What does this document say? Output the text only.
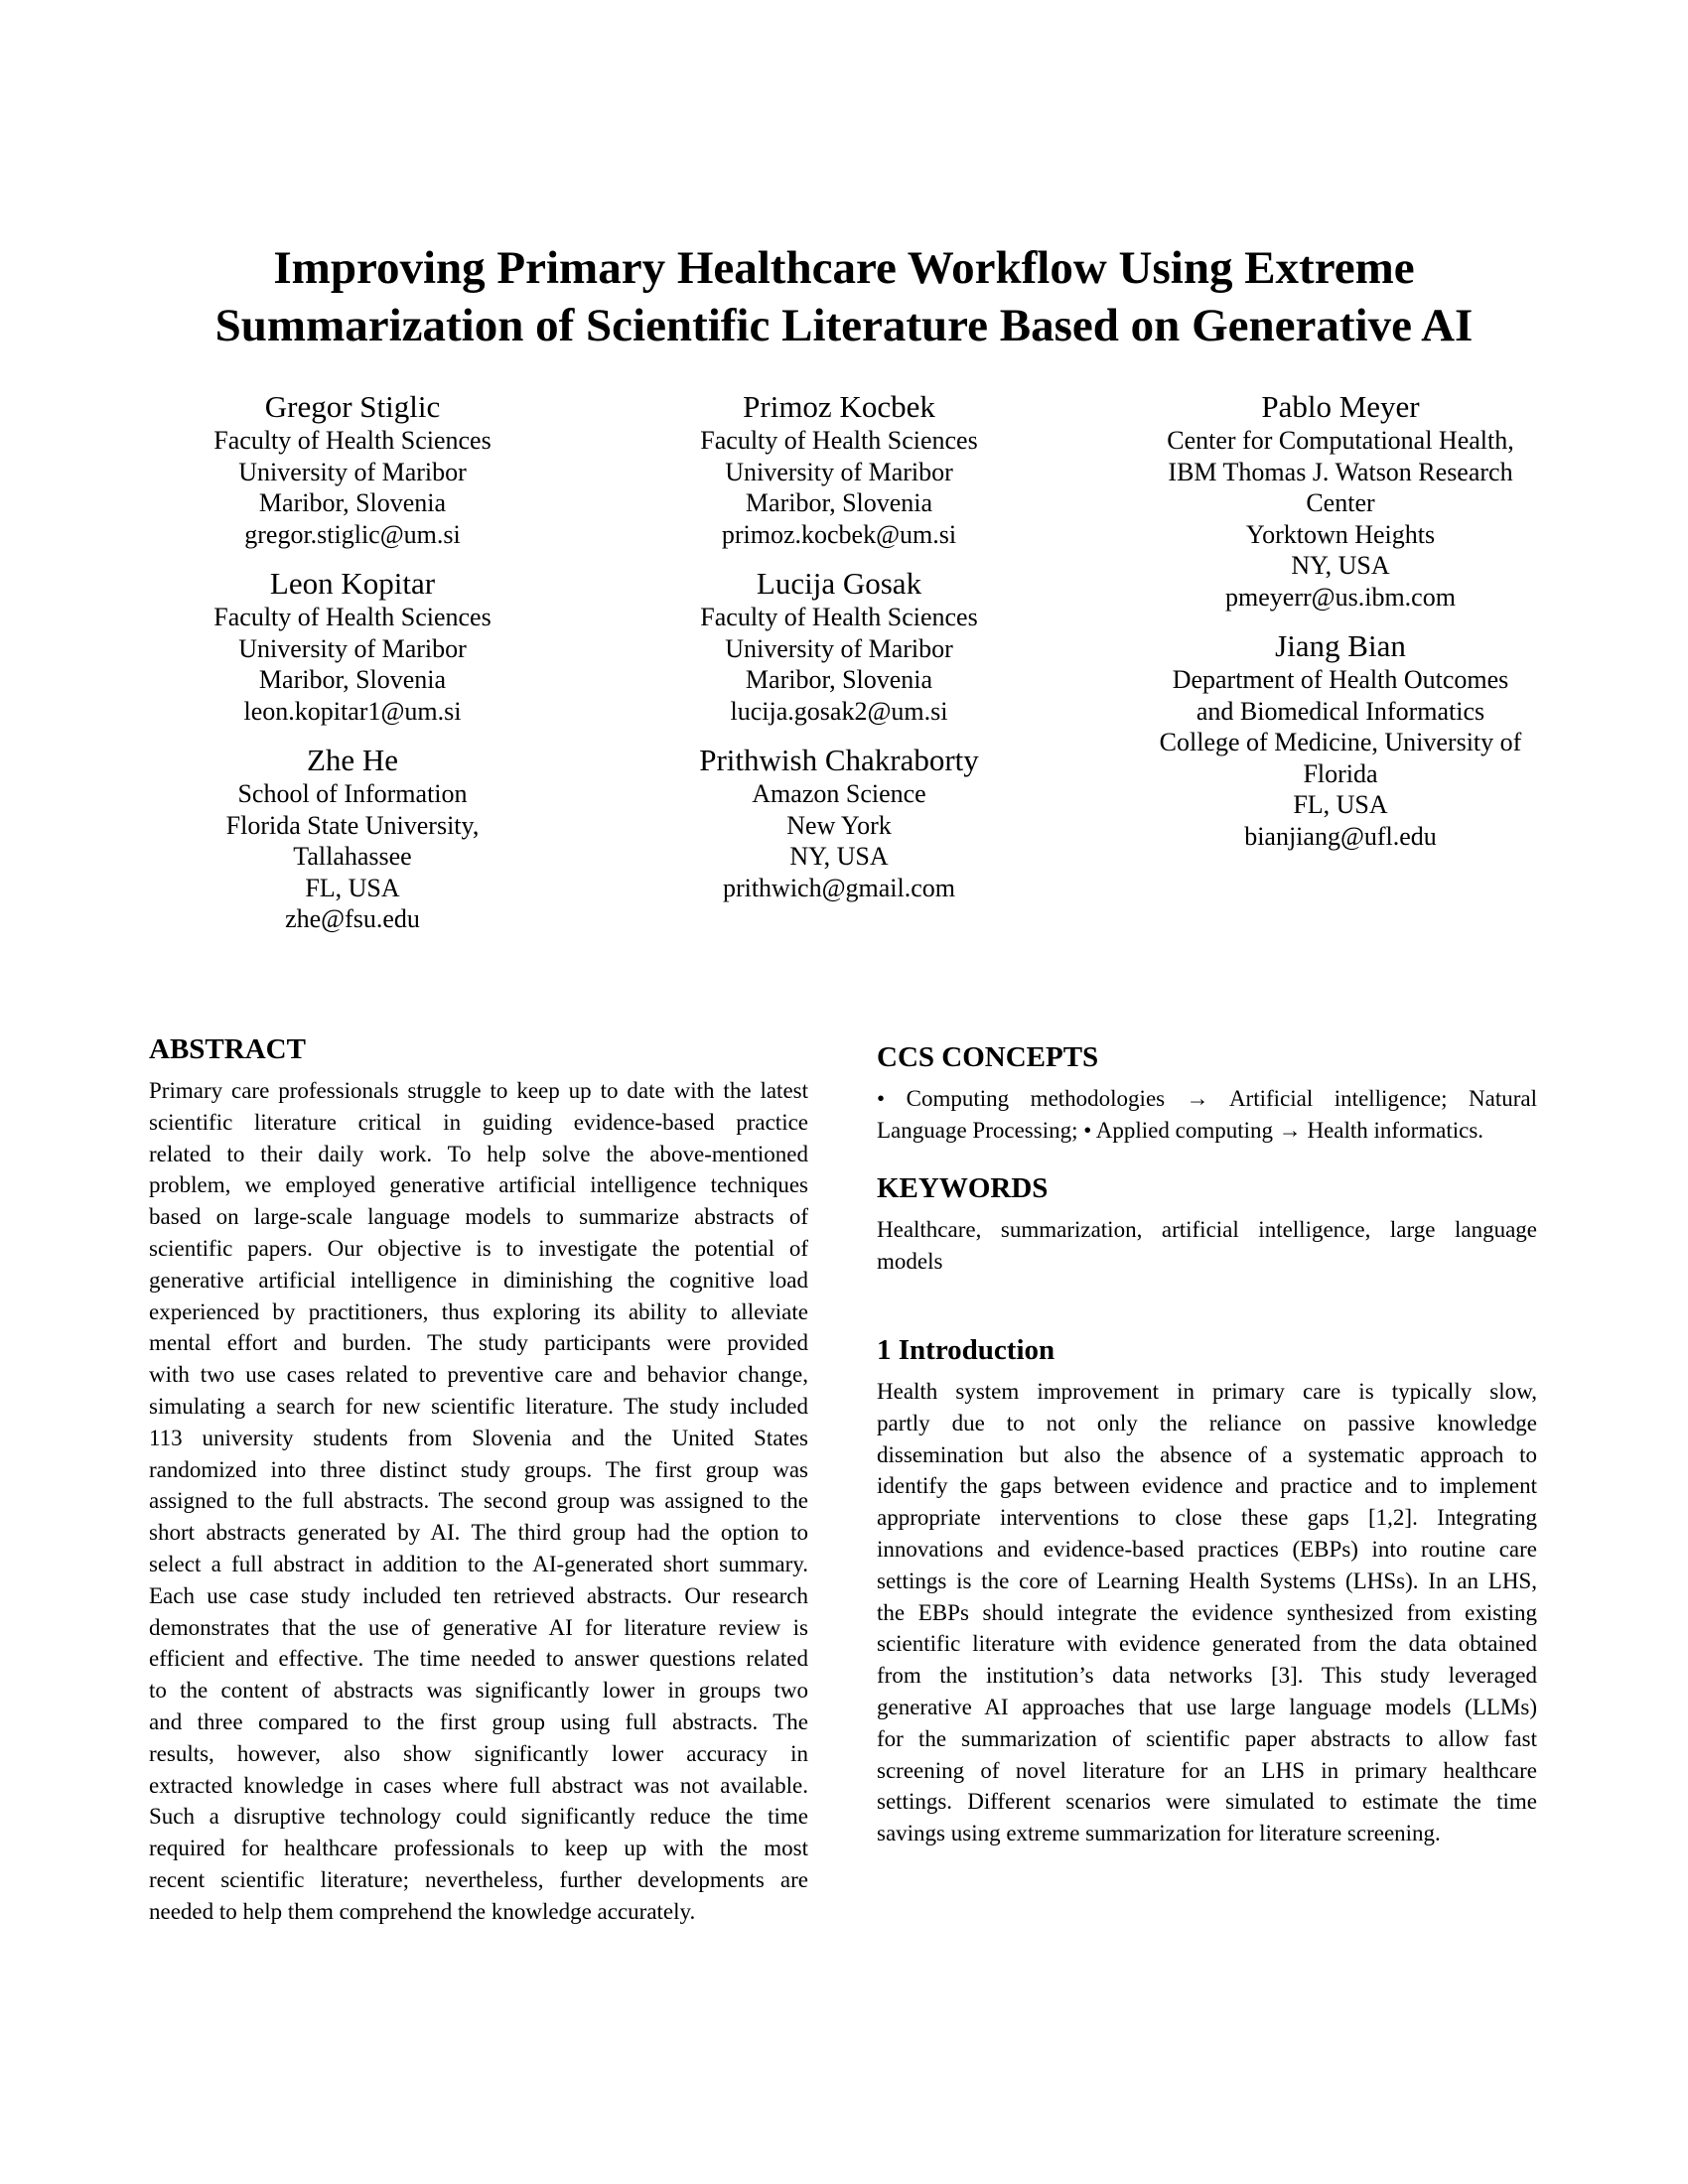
Improving Primary Healthcare Workflow Using Extreme
Summarization of Scientific Literature Based on Generative AI
Gregor Stiglic
Faculty of Health Sciences
University of Maribor
Maribor, Slovenia
gregor.stiglic@um.si
Leon Kopitar
Faculty of Health Sciences
University of Maribor
Maribor, Slovenia
leon.kopitar1@um.si
Zhe He
School of Information
Florida State University,
Tallahassee
FL, USA
zhe@fsu.edu
Primoz Kocbek
Faculty of Health Sciences
University of Maribor
Maribor, Slovenia
primoz.kocbek@um.si
Lucija Gosak
Faculty of Health Sciences
University of Maribor
Maribor, Slovenia
lucija.gosak2@um.si
Prithwish Chakraborty
Amazon Science
New York
NY, USA
prithwich@gmail.com
Pablo Meyer
Center for Computational Health,
IBM Thomas J. Watson Research
Center
Yorktown Heights
NY, USA
pmeyerr@us.ibm.com
Jiang Bian
Department of Health Outcomes
and Biomedical Informatics
College of Medicine, University of
Florida
FL, USA
bianjiang@ufl.edu
ABSTRACT

Primary care professionals struggle to keep up to date with the latest
scientific literature critical in guiding evidence-based practice
related to their daily work. To help solve the above-mentioned
problem, we employed generative artificial intelligence techniques
based on large-scale language models to summarize abstracts of
scientific papers. Our objective is to investigate the potential of
generative artificial intelligence in diminishing the cognitive load
experienced by practitioners, thus exploring its ability to alleviate
mental effort and burden. The study participants were provided
with two use cases related to preventive care and behavior change,
simulating a search for new scientific literature. The study included
113 university students from Slovenia and the United States
randomized into three distinct study groups. The first group was
assigned to the full abstracts. The second group was assigned to the
short abstracts generated by AI. The third group had the option to
select a full abstract in addition to the AI-generated short summary.
Each use case study included ten retrieved abstracts. Our research
demonstrates that the use of generative AI for literature review is
efficient and effective. The time needed to answer questions related
to the content of abstracts was significantly lower in groups two
and three compared to the first group using full abstracts. The
results, however, also show significantly lower accuracy in
extracted knowledge in cases where full abstract was not available.
Such a disruptive technology could significantly reduce the time
required for healthcare professionals to keep up with the most
recent scientific literature; nevertheless, further developments are
needed to help them comprehend the knowledge accurately.

CCS CONCEPTS

• Computing methodologies → Artificial intelligence; Natural
Language Processing; • Applied computing → Health informatics.

KEYWORDS

Healthcare, summarization, artificial intelligence, large language
models

1 Introduction

Health system improvement in primary care is typically slow,
partly due to not only the reliance on passive knowledge
dissemination but also the absence of a systematic approach to
identify the gaps between evidence and practice and to implement
appropriate interventions to close these gaps [1,2]. Integrating
innovations and evidence-based practices (EBPs) into routine care
settings is the core of Learning Health Systems (LHSs). In an LHS,
the EBPs should integrate the evidence synthesized from existing
scientific literature with evidence generated from the data obtained
from the institution’s data networks [3]. This study leveraged
generative AI approaches that use large language models (LLMs)
for the summarization of scientific paper abstracts to allow fast
screening of novel literature for an LHS in primary healthcare
settings. Different scenarios were simulated to estimate the time
savings using extreme summarization for literature screening.
